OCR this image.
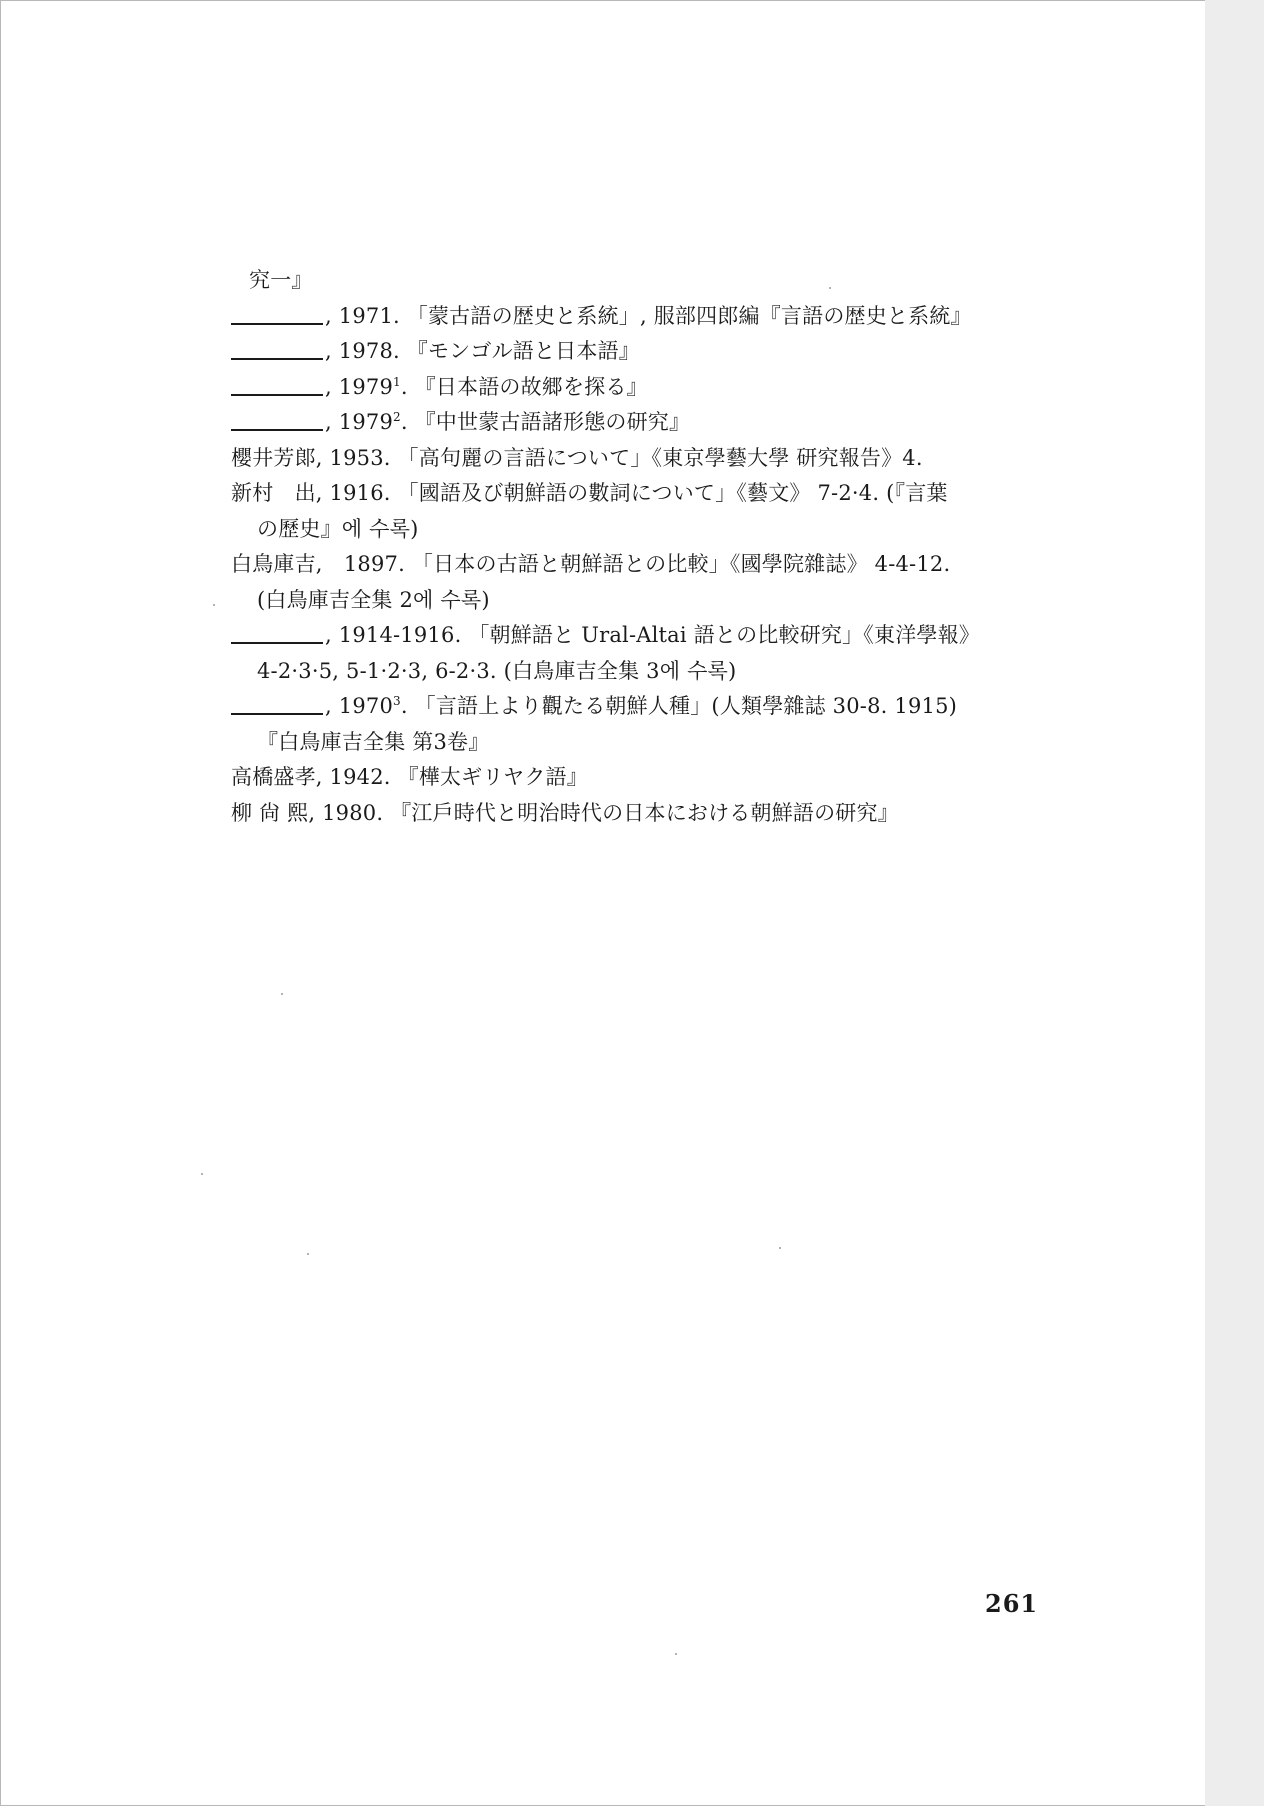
究一』
, 1971. 「蒙古語の歴史と系統」, 服部四郎編『言語の歴史と系統』
, 1978. 『モンゴル語と日本語』
, 1979$^1$. 『日本語の故郷を探る』
, 1979$^2$. 『中世蒙古語諸形態の研究』
櫻井芳郞, 1953. 「高句麗の言語について」《東京學藝大學 研究報告》4.
新村　出, 1916. 「國語及び朝鮮語の數詞について」《藝文》 7-2·4. (『言葉
の歷史』에 수록)
白鳥庫吉,　1897. 「日本の古語と朝鮮語との比較」《國學院雜誌》 4-4-12.
(白鳥庫吉全集 2에 수록)
, 1914-1916. 「朝鮮語と Ural-Altai 語との比較研究」《東洋學報》
4-2·3·5, 5-1·2·3, 6-2·3. (白鳥庫吉全集 3에 수록)
, 1970$^3$. 「言語上より觀たる朝鮮人種」(人類學雜誌 30-8. 1915)
『白鳥庫吉全集 第3卷』
高橋盛孝, 1942. 『樺太ギリヤク語』
柳 尙 熙, 1980. 『江戶時代と明治時代の日本における朝鮮語の研究』
261
